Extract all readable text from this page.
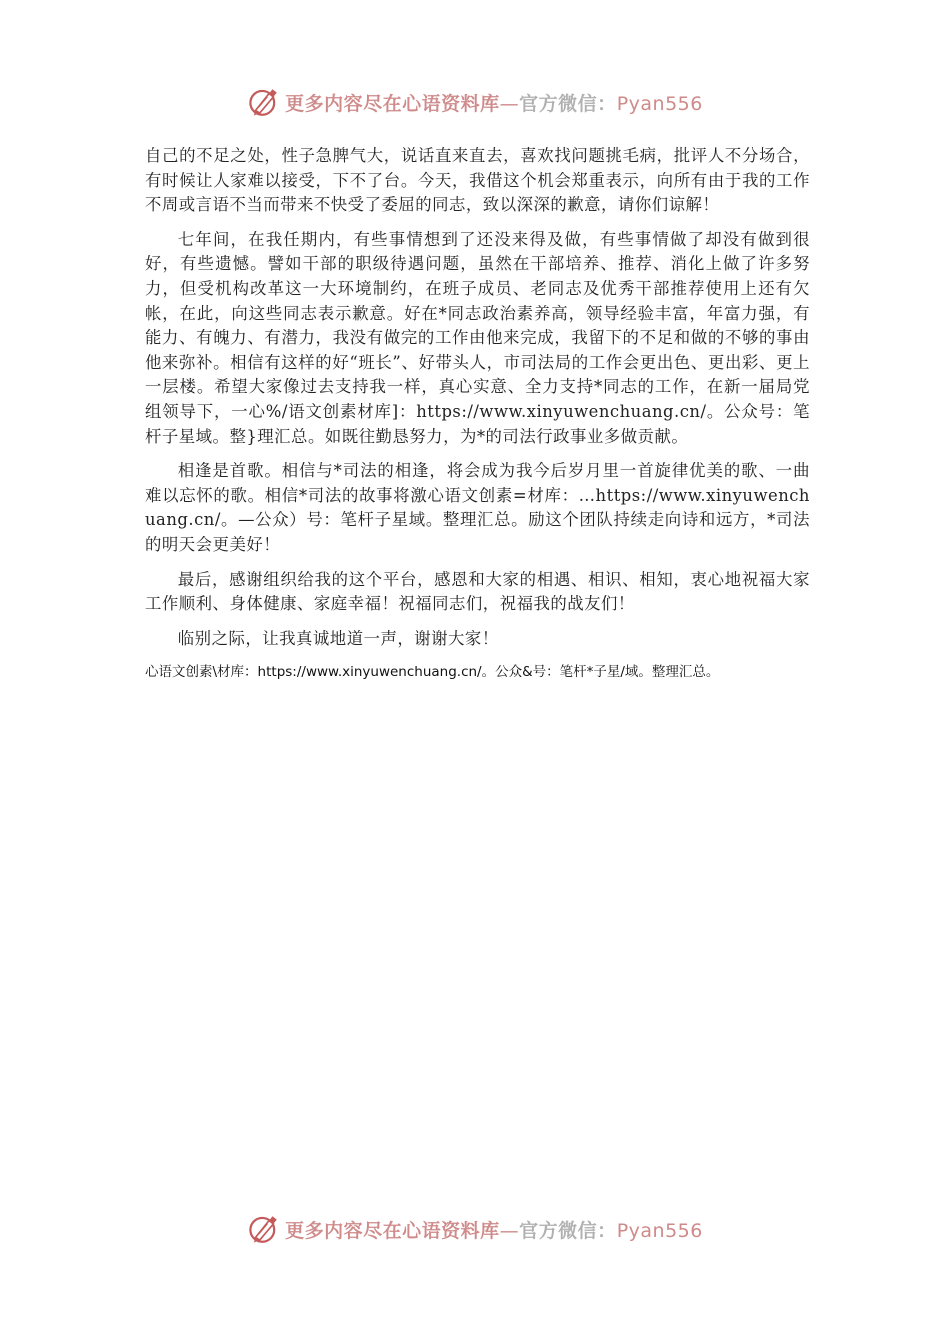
更多内容尽在心语资料库—官方微信：Pyan556

自己的不足之处，性子急脾气大，说话直来直去，喜欢找问题挑毛病，批评人不分场合，有时候让人家难以接受，下不了台。今天，我借这个机会郑重表示，向所有由于我的工作不周或言语不当而带来不快受了委屈的同志，致以深深的歉意，请你们谅解！

七年间，在我任期内，有些事情想到了还没来得及做，有些事情做了却没有做到很好，有些遗憾。譬如干部的职级待遇问题，虽然在干部培养、推荐、消化上做了许多努力，但受机构改革这一大环境制约，在班子成员、老同志及优秀干部推荐使用上还有欠帐，在此，向这些同志表示歉意。好在*同志政治素养高，领导经验丰富，年富力强，有能力、有魄力、有潜力，我没有做完的工作由他来完成，我留下的不足和做的不够的事由他来弥补。相信有这样的好“班长”、好带头人，市司法局的工作会更出色、更出彩、更上一层楼。希望大家像过去支持我一样，真心实意、全力支持*同志的工作，在新一届局党组领导下，一心%/语文创素材库]：https://www.xinyuwenchuang.cn/。公众号：笔杆子星域。整}理汇总。如既往勤恳努力，为*的司法行政事业多做贡献。

相逢是首歌。相信与*司法的相逢，将会成为我今后岁月里一首旋律优美的歌、一曲难以忘怀的歌。相信*司法的故事将激心语文创素=材库：…https://www.xinyuwenchuang.cn/。—公众）号：笔杆子星域。整理汇总。励这个团队持续走向诗和远方，*司法的明天会更美好！

最后，感谢组织给我的这个平台，感恩和大家的相遇、相识、相知，衷心地祝福大家工作顺利、身体健康、家庭幸福！祝福同志们，祝福我的战友们！

临别之际，让我真诚地道一声，谢谢大家！

心语文创素\材库：https://www.xinyuwenchuang.cn/。公众&号：笔杆*子星/域。整理汇总。

更多内容尽在心语资料库—官方微信：Pyan556
